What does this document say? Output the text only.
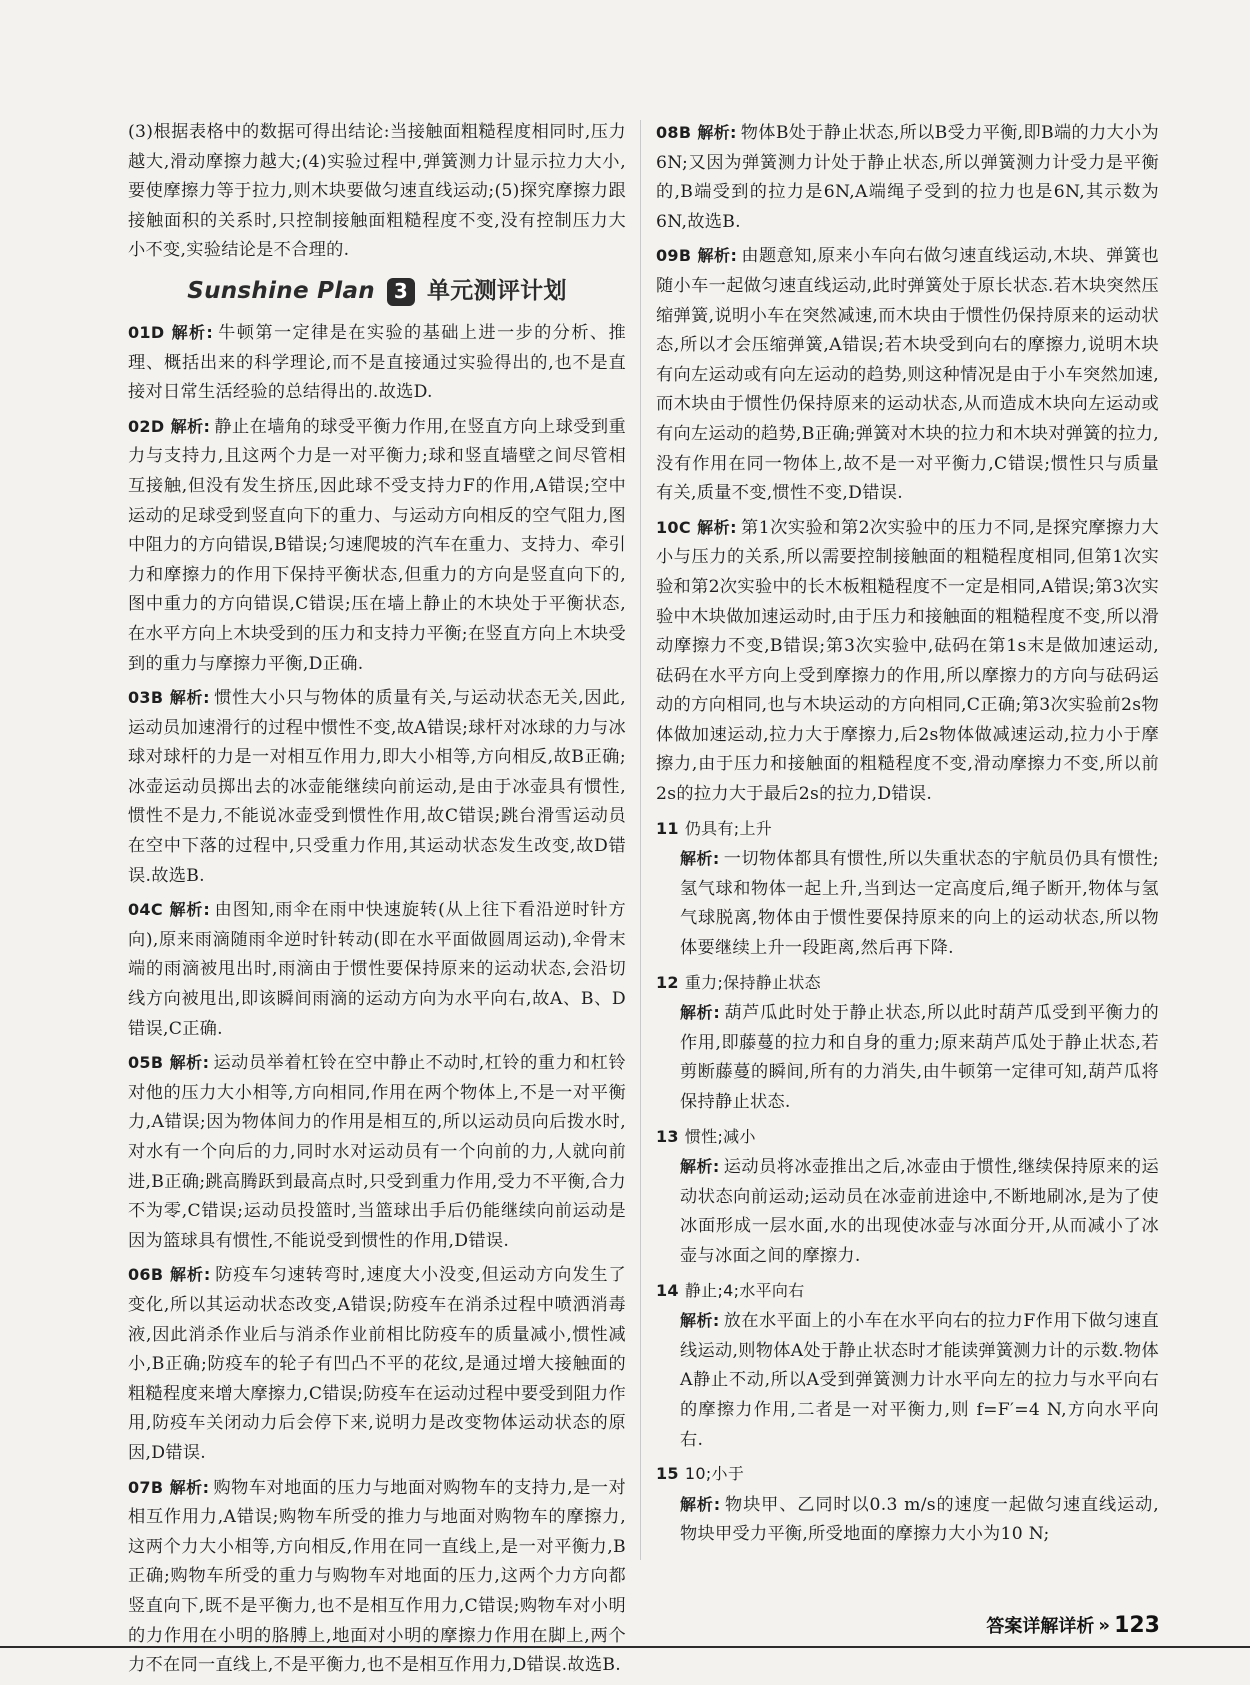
(3)根据表格中的数据可得出结论:当接触面粗糙程度相同时,压力越大,滑动摩擦力越大;(4)实验过程中,弹簧测力计显示拉力大小,要使摩擦力等于拉力,则木块要做匀速直线运动;(5)探究摩擦力跟接触面积的关系时,只控制接触面粗糙程度不变,没有控制压力大小不变,实验结论是不合理的.
Sunshine Plan 3 单元测评计划
01D 解析: 牛顿第一定律是在实验的基础上进一步的分析、推理、概括出来的科学理论,而不是直接通过实验得出的,也不是直接对日常生活经验的总结得出的.故选D.
02D 解析: 静止在墙角的球受平衡力作用,在竖直方向上球受到重力与支持力,且这两个力是一对平衡力;球和竖直墙壁之间尽管相互接触,但没有发生挤压,因此球不受支持力F的作用,A错误;空中运动的足球受到竖直向下的重力、与运动方向相反的空气阻力,图中阻力的方向错误,B错误;匀速爬坡的汽车在重力、支持力、牵引力和摩擦力的作用下保持平衡状态,但重力的方向是竖直向下的,图中重力的方向错误,C错误;压在墙上静止的木块处于平衡状态,在水平方向上木块受到的压力和支持力平衡;在竖直方向上木块受到的重力与摩擦力平衡,D正确.
03B 解析: 惯性大小只与物体的质量有关,与运动状态无关,因此,运动员加速滑行的过程中惯性不变,故A错误;球杆对冰球的力与冰球对球杆的力是一对相互作用力,即大小相等,方向相反,故B正确;冰壶运动员掷出去的冰壶能继续向前运动,是由于冰壶具有惯性,惯性不是力,不能说冰壶受到惯性作用,故C错误;跳台滑雪运动员在空中下落的过程中,只受重力作用,其运动状态发生改变,故D错误.故选B.
04C 解析: 由图知,雨伞在雨中快速旋转(从上往下看沿逆时针方向),原来雨滴随雨伞逆时针转动(即在水平面做圆周运动),伞骨末端的雨滴被甩出时,雨滴由于惯性要保持原来的运动状态,会沿切线方向被甩出,即该瞬间雨滴的运动方向为水平向右,故A、B、D错误,C正确.
05B 解析: 运动员举着杠铃在空中静止不动时,杠铃的重力和杠铃对他的压力大小相等,方向相同,作用在两个物体上,不是一对平衡力,A错误;因为物体间力的作用是相互的,所以运动员向后拨水时,对水有一个向后的力,同时水对运动员有一个向前的力,人就向前进,B正确;跳高腾跃到最高点时,只受到重力作用,受力不平衡,合力不为零,C错误;运动员投篮时,当篮球出手后仍能继续向前运动是因为篮球具有惯性,不能说受到惯性的作用,D错误.
06B 解析: 防疫车匀速转弯时,速度大小没变,但运动方向发生了变化,所以其运动状态改变,A错误;防疫车在消杀过程中喷洒消毒液,因此消杀作业后与消杀作业前相比防疫车的质量减小,惯性减小,B正确;防疫车的轮子有凹凸不平的花纹,是通过增大接触面的粗糙程度来增大摩擦力,C错误;防疫车在运动过程中要受到阻力作用,防疫车关闭动力后会停下来,说明力是改变物体运动状态的原因,D错误.
07B 解析: 购物车对地面的压力与地面对购物车的支持力,是一对相互作用力,A错误;购物车所受的推力与地面对购物车的摩擦力,这两个力大小相等,方向相反,作用在同一直线上,是一对平衡力,B正确;购物车所受的重力与购物车对地面的压力,这两个力方向都竖直向下,既不是平衡力,也不是相互作用力,C错误;购物车对小明的力作用在小明的胳膊上,地面对小明的摩擦力作用在脚上,两个力不在同一直线上,不是平衡力,也不是相互作用力,D错误.故选B.
08B 解析: 物体B处于静止状态,所以B受力平衡,即B端的力大小为6N;又因为弹簧测力计处于静止状态,所以弹簧测力计受力是平衡的,B端受到的拉力是6N,A端绳子受到的拉力也是6N,其示数为6N,故选B.
09B 解析: 由题意知,原来小车向右做匀速直线运动,木块、弹簧也随小车一起做匀速直线运动,此时弹簧处于原长状态.若木块突然压缩弹簧,说明小车在突然减速,而木块由于惯性仍保持原来的运动状态,所以才会压缩弹簧,A错误;若木块受到向右的摩擦力,说明木块有向左运动或有向左运动的趋势,则这种情况是由于小车突然加速,而木块由于惯性仍保持原来的运动状态,从而造成木块向左运动或有向左运动的趋势,B正确;弹簧对木块的拉力和木块对弹簧的拉力,没有作用在同一物体上,故不是一对平衡力,C错误;惯性只与质量有关,质量不变,惯性不变,D错误.
10C 解析: 第1次实验和第2次实验中的压力不同,是探究摩擦力大小与压力的关系,所以需要控制接触面的粗糙程度相同,但第1次实验和第2次实验中的长木板粗糙程度不一定是相同,A错误;第3次实验中木块做加速运动时,由于压力和接触面的粗糙程度不变,所以滑动摩擦力不变,B错误;第3次实验中,砝码在第1s末是做加速运动,砝码在水平方向上受到摩擦力的作用,所以摩擦力的方向与砝码运动的方向相同,也与木块运动的方向相同,C正确;第3次实验前2s物体做加速运动,拉力大于摩擦力,后2s物体做减速运动,拉力小于摩擦力,由于压力和接触面的粗糙程度不变,滑动摩擦力不变,所以前2s的拉力大于最后2s的拉力,D错误.
11 仍具有;上升
解析: 一切物体都具有惯性,所以失重状态的宇航员仍具有惯性;氢气球和物体一起上升,当到达一定高度后,绳子断开,物体与氢气球脱离,物体由于惯性要保持原来的向上的运动状态,所以物体要继续上升一段距离,然后再下降.
12 重力;保持静止状态
解析: 葫芦瓜此时处于静止状态,所以此时葫芦瓜受到平衡力的作用,即藤蔓的拉力和自身的重力;原来葫芦瓜处于静止状态,若剪断藤蔓的瞬间,所有的力消失,由牛顿第一定律可知,葫芦瓜将保持静止状态.
13 惯性;减小
解析: 运动员将冰壶推出之后,冰壶由于惯性,继续保持原来的运动状态向前运动;运动员在冰壶前进途中,不断地刷冰,是为了使冰面形成一层水面,水的出现使冰壶与冰面分开,从而减小了冰壶与冰面之间的摩擦力.
14 静止;4;水平向右
解析: 放在水平面上的小车在水平向右的拉力F作用下做匀速直线运动,则物体A处于静止状态时才能读弹簧测力计的示数.物体A静止不动,所以A受到弹簧测力计水平向左的拉力与水平向右的摩擦力作用,二者是一对平衡力,则 f=F′=4 N,方向水平向右.
15 10;小于
解析: 物块甲、乙同时以0.3 m/s的速度一起做匀速直线运动,物块甲受力平衡,所受地面的摩擦力大小为10 N;
答案详解详析 » 123
